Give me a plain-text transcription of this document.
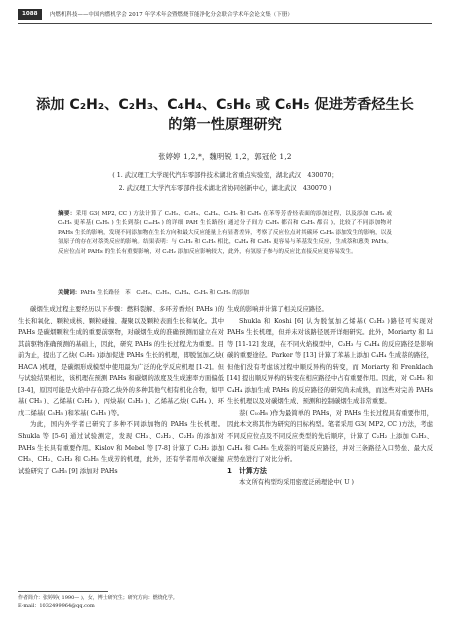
1088	内燃机科技——中国内燃机学会 2017 年学术年会暨燃烧节能净化分会联合学术年会论文集（下册）
添加 C₂H₂、C₂H₃、C₄H₄、C₅H₆ 或 C₆H₅ 促进芳香烃生长
的第一性原理研究
张婷婷 1,2,*，魏明锐 1,2，郭冠伦 1,2
( 1. 武汉理工大学现代汽车零部件技术湖北省重点实验室，湖北武汉　430070；
2. 武汉理工大学汽车零部件技术湖北省协同创新中心，湖北武汉　430070 )
摘要：采用 G3( MP2, CC ) 方法计算了 C₂H₂、C₂H₃、C₄H₄、C₅H₆ 和 C₆H₅ 在苯等芳香烃表面的添加过程，以及添加 C₂H₂ 或 C₂H₃ 更苯基( C₆H₅ ) 生长到萘( C₁₀H₈ ) 的详细 PAH 生长路径( 通过分子间力 C₆H₅ 都召和 C₆H₅ 都召 )，比较了不同添加物对 PAHs 生长的影响，发现不同添加物在生长方向和最大反应能量上有显著差异，考察了反应位点对其碳环 C₆H₆ 添加发生的影响，以及氢原子的存在对萘类反应的影响。结果表明：与 C₂H₂ 和 C₂H₃ 相比，C₄H₄ 和 C₆H₅ 更容易与苯基发生反应，生成萘和蒽类 PAHs。反应位点对 PAHs 的生长有重要影响，对 C₂H₂ 添加反应影响较大，此外，有氢原子参与的反应比直接反应更容易发生。
关键词：PAHs 生长路径　苯　C₂H₂、C₂H₃、C₄H₄、C₅H₆ 和 C₆H₅ 的添加

碳烟生成过程主要经历以下步骤：燃料裂解、多环芳香烃( PAHs )的生长和氧化、颗粒成核、颗粒碰撞、凝聚以及颗粒表面生长和氧化。其中 PAHs 是碳烟颗粒生成的重要前驱物，对碳烟生成的准确预测而建立在对其前驱物准确预测的基础上，因此，研究 PAHs 的生长过程尤为重要。目前为止，提出了乙炔( C₂H₂ )添加促进 PAHs 生长的机理，即脱氢加乙炔( HACA )机理，是碳烟形成模型中使用最为广泛的化学反应机理 [1-2]。但与试验结果相比，该机理在预测 PAHs 和碳烟的浓度及生成速率方面偏低 [3-4]，原因可能是火焰中存在除乙炔外的多种其他气相有机化合物，如甲基( CH₃ )、乙烯基( C₂H₃ )、丙炔基( C₃H₃ )、乙烯基乙炔( C₄H₄ )、环戊二烯基( C₅H₅ )和苯基( C₆H₅ )等。

为此，国内外学者已研究了多种不同添加物的 PAHs 生长机理。Shukla 等 [5-6] 通过试验测定，发现 CH₃、C₂H₂、C₂H₃ 的添加对 PAHs 生长具有重要作用。Kislov 和 Mebel 等 [7-8] 计算了 C₂H₂ 添加 CH₃、CH₂、C₂H₃ 和 C₂H₅ 生成芳的机理，此外，还有学者用单次碰撞试验研究了 C₆H₅ [9] 添加对 PAHs

生成的影响并计算了相关反应路径。

Shukla 和 Koshi [6] 认为脱氢加乙烯基( C₂H₃ )路径可实现对 PAHs 生长机理，但并未对该路径展开详细研究。此外，Moriarty 和 Li 等 [11-12] 发现，在不同火焰模型中，C₃H₃ 与 C₄H₄ 的反应路径是影响碳的重要途径。Parker 等 [13] 计算了苯基上添加 C₄H₄ 生成萘的路径，但他们没有考虑该过程中顺反异构的转变，而 Moriarty 和 Frenklach [14] 提出顺反异构的转变在相应路径中占有重要作用。因此，对 C₂H₂ 和 C₄H₄ 添加生成 PAHs 的反应路径的研究尚未成熟，而这些对完善 PAHs 生长机理以及对碳烟生成、预测和控制碳烟生成非常重要。

萘( C₁₀H₈ )作为最简单的 PAHs，对 PAHs 生长过程具有重要作用，因此本文将其作为研究的目标构型。笔者采用 G3( MP2, CC )方法，考虑不同反应位点及不同反应类型的先后顺序，计算了 C₂H₂ 上添加 C₂H₃、C₄H₄ 和 C₆H₅ 生成萘的可能反应路径，并对三条路径入口势垒、最大反应势垒进行了对比分析。

1　计算方法

本文所有构型均采用密度泛函理论中( U )

作者简介：张婷婷( 1990— )，女，博士研究生；研究方向：燃烧化学。
E-mail：1032499964@qq.com
